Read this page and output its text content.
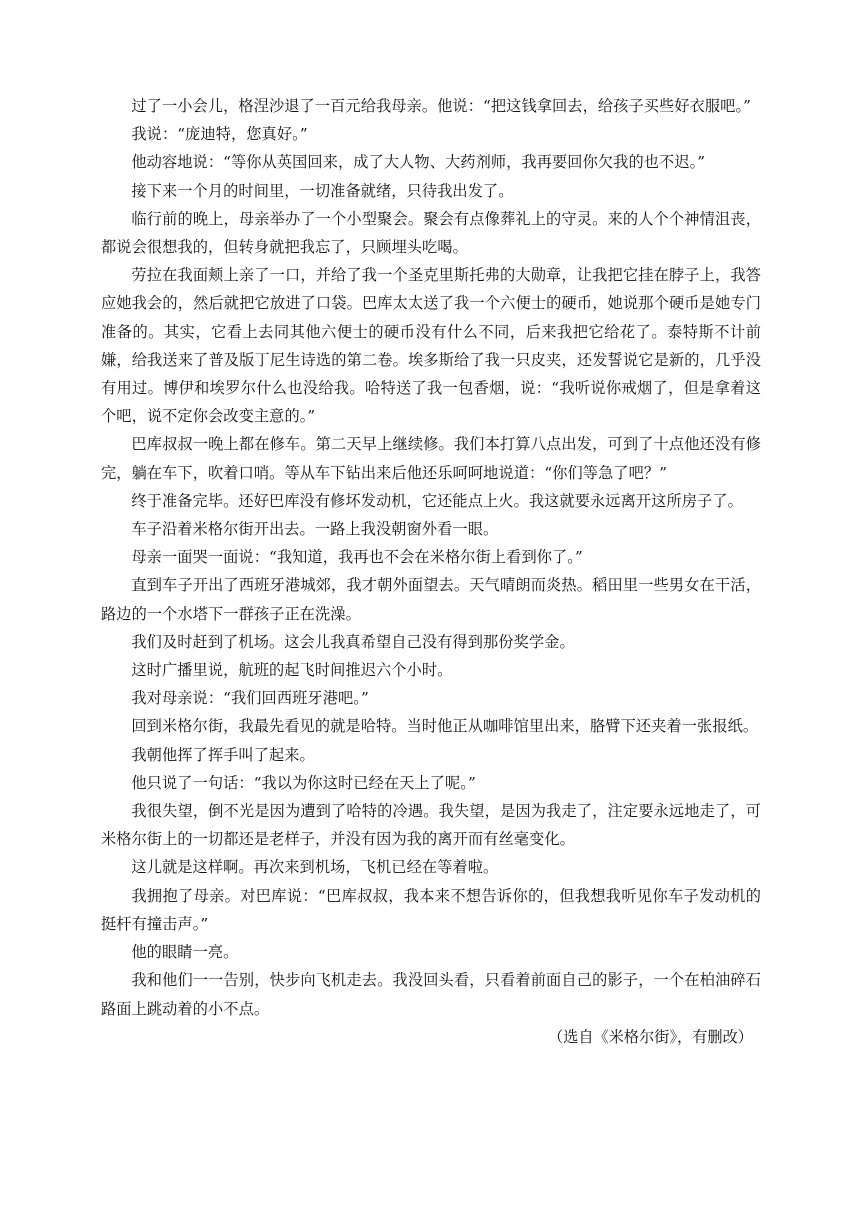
过了一小会儿，格涅沙退了一百元给我母亲。他说：“把这钱拿回去，给孩子买些好衣服吧。”

我说：“庞迪特，您真好。”

他动容地说：“等你从英国回来，成了大人物、大药剂师，我再要回你欠我的也不迟。”

接下来一个月的时间里，一切准备就绪，只待我出发了。

临行前的晚上，母亲举办了一个小型聚会。聚会有点像葬礼上的守灵。来的人个个神情沮丧，都说会很想我的，但转身就把我忘了，只顾埋头吃喝。

劳拉在我面颊上亲了一口，并给了我一个圣克里斯托弗的大勋章，让我把它挂在脖子上，我答应她我会的，然后就把它放进了口袋。巴库太太送了我一个六便士的硬币，她说那个硬币是她专门准备的。其实，它看上去同其他六便士的硬币没有什么不同，后来我把它给花了。泰特斯不计前嫌，给我送来了普及版丁尼生诗选的第二卷。埃多斯给了我一只皮夹，还发誓说它是新的，几乎没有用过。博伊和埃罗尔什么也没给我。哈特送了我一包香烟，说：“我听说你戒烟了，但是拿着这个吧，说不定你会改变主意的。”

巴库叔叔一晚上都在修车。第二天早上继续修。我们本打算八点出发，可到了十点他还没有修完，躺在车下，吹着口哨。等从车下钻出来后他还乐呵呵地说道：“你们等急了吧？”

终于准备完毕。还好巴库没有修坏发动机，它还能点上火。我这就要永远离开这所房子了。

车子沿着米格尔街开出去。一路上我没朝窗外看一眼。

母亲一面哭一面说：“我知道，我再也不会在米格尔街上看到你了。”

直到车子开出了西班牙港城郊，我才朝外面望去。天气晴朗而炎热。稻田里一些男女在干活，路边的一个水塔下一群孩子正在洗澡。

我们及时赶到了机场。这会儿我真希望自己没有得到那份奖学金。

这时广播里说，航班的起飞时间推迟六个小时。

我对母亲说：“我们回西班牙港吧。”

回到米格尔街，我最先看见的就是哈特。当时他正从咖啡馆里出来，胳臂下还夹着一张报纸。

我朝他挥了挥手叫了起来。

他只说了一句话：“我以为你这时已经在天上了呢。”

我很失望，倒不光是因为遭到了哈特的冷遇。我失望，是因为我走了，注定要永远地走了，可米格尔街上的一切都还是老样子，并没有因为我的离开而有丝毫变化。

这儿就是这样啊。再次来到机场，飞机已经在等着啦。

我拥抱了母亲。对巴库说：“巴库叔叔，我本来不想告诉你的，但我想我听见你车子发动机的挺杆有撞击声。”

他的眼睛一亮。

我和他们一一告别，快步向飞机走去。我没回头看，只看着前面自己的影子，一个在柏油碎石路面上跳动着的小不点。

（选自《米格尔街》，有删改）
